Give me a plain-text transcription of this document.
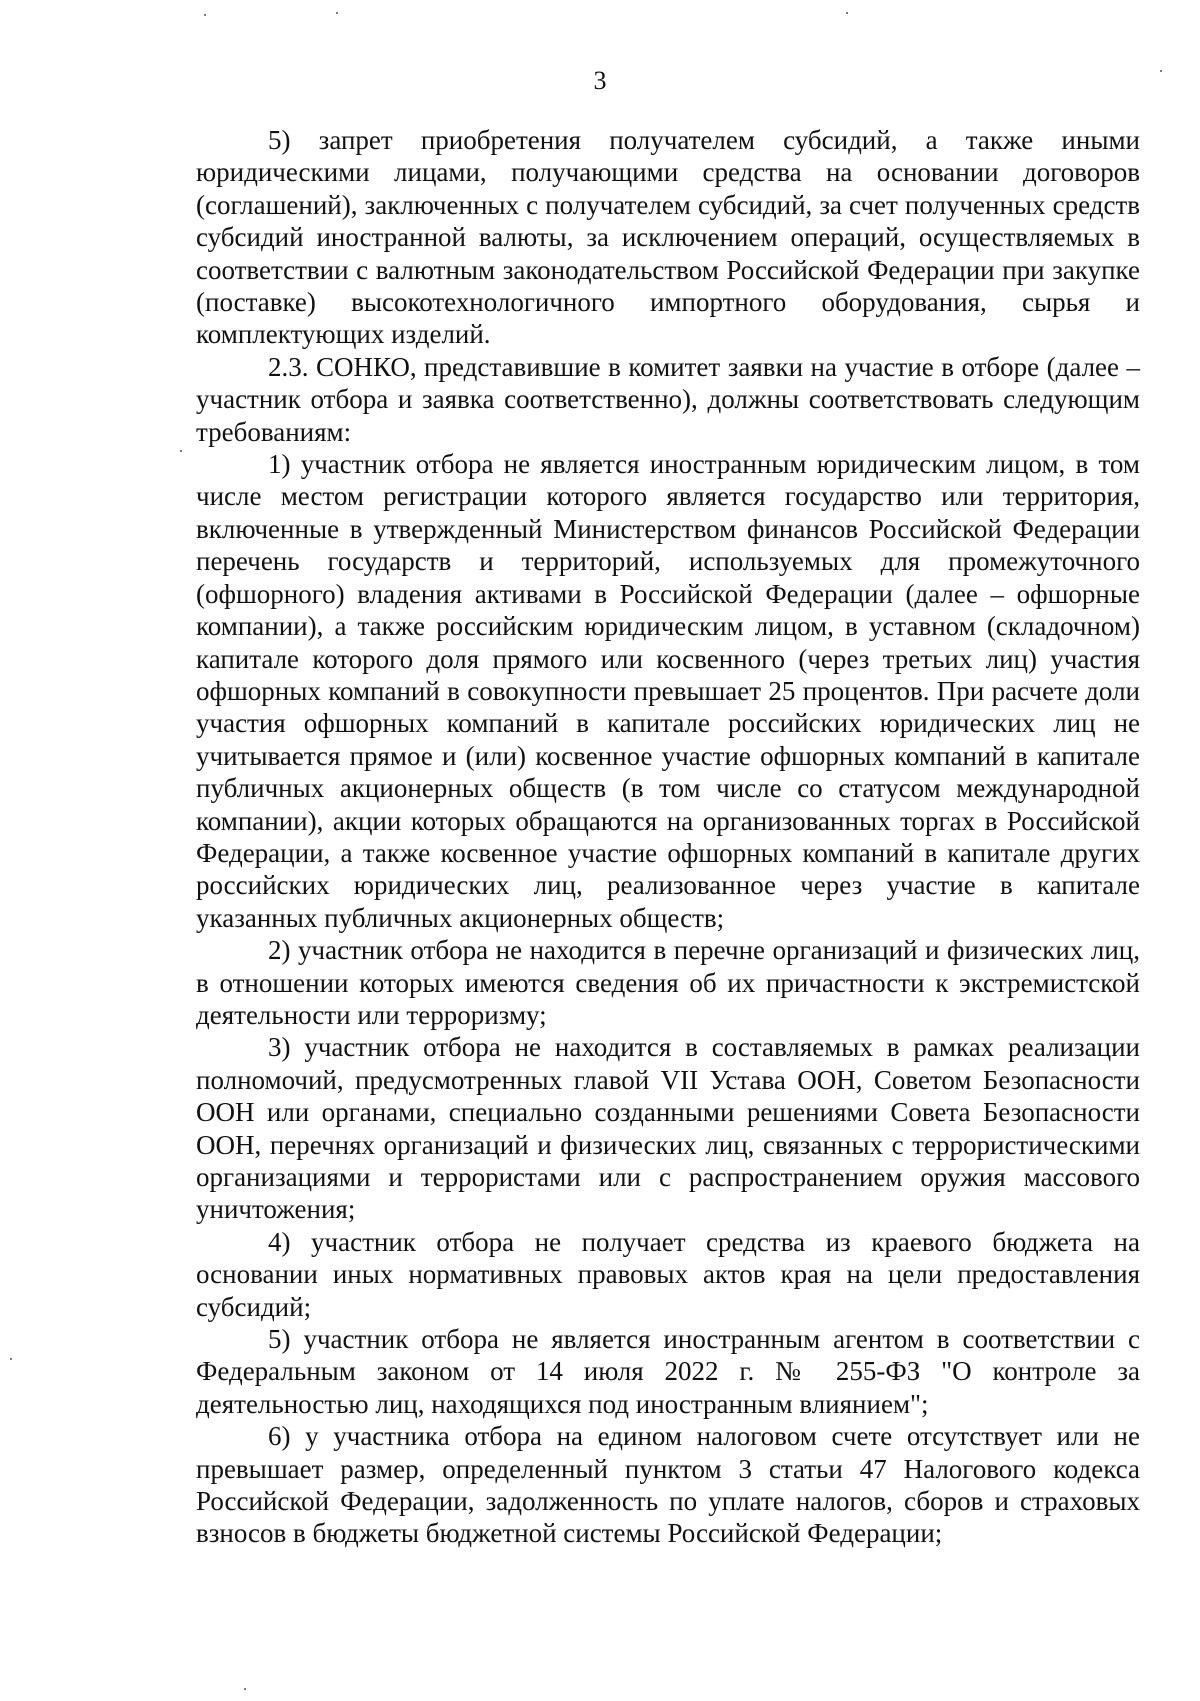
3

5) запрет приобретения получателем субсидий, а также иными юридическими лицами, получающими средства на основании договоров (соглашений), заключенных с получателем субсидий, за счет полученных средств субсидий иностранной валюты, за исключением операций, осуществляемых в соответствии с валютным законодательством Российской Федерации при закупке (поставке) высокотехнологичного импортного оборудования, сырья и комплектующих изделий.

2.3. СОНКО, представившие в комитет заявки на участие в отборе (далее – участник отбора и заявка соответственно), должны соответствовать следующим требованиям:

1) участник отбора не является иностранным юридическим лицом, в том числе местом регистрации которого является государство или территория, включенные в утвержденный Министерством финансов Российской Федерации перечень государств и территорий, используемых для промежуточного (офшорного) владения активами в Российской Федерации (далее – офшорные компании), а также российским юридическим лицом, в уставном (складочном) капитале которого доля прямого или косвенного (через третьих лиц) участия офшорных компаний в совокупности превышает 25 процентов. При расчете доли участия офшорных компаний в капитале российских юридических лиц не учитывается прямое и (или) косвенное участие офшорных компаний в капитале публичных акционерных обществ (в том числе со статусом международной компании), акции которых обращаются на организованных торгах в Российской Федерации, а также косвенное участие офшорных компаний в капитале других российских юридических лиц, реализованное через участие в капитале указанных публичных акционерных обществ;

2) участник отбора не находится в перечне организаций и физических лиц, в отношении которых имеются сведения об их причастности к экстремистской деятельности или терроризму;

3) участник отбора не находится в составляемых в рамках реализации полномочий, предусмотренных главой VII Устава ООН, Советом Безопасности ООН или органами, специально созданными решениями Совета Безопасности ООН, перечнях организаций и физических лиц, связанных с террористическими организациями и террористами или с распространением оружия массового уничтожения;

4) участник отбора не получает средства из краевого бюджета на основании иных нормативных правовых актов края на цели предоставления субсидий;

5) участник отбора не является иностранным агентом в соответствии с Федеральным законом от 14 июля 2022 г. № 255-ФЗ "О контроле за деятельностью лиц, находящихся под иностранным влиянием";

6) у участника отбора на едином налоговом счете отсутствует или не превышает размер, определенный пунктом 3 статьи 47 Налогового кодекса Российской Федерации, задолженность по уплате налогов, сборов и страховых взносов в бюджеты бюджетной системы Российской Федерации;
